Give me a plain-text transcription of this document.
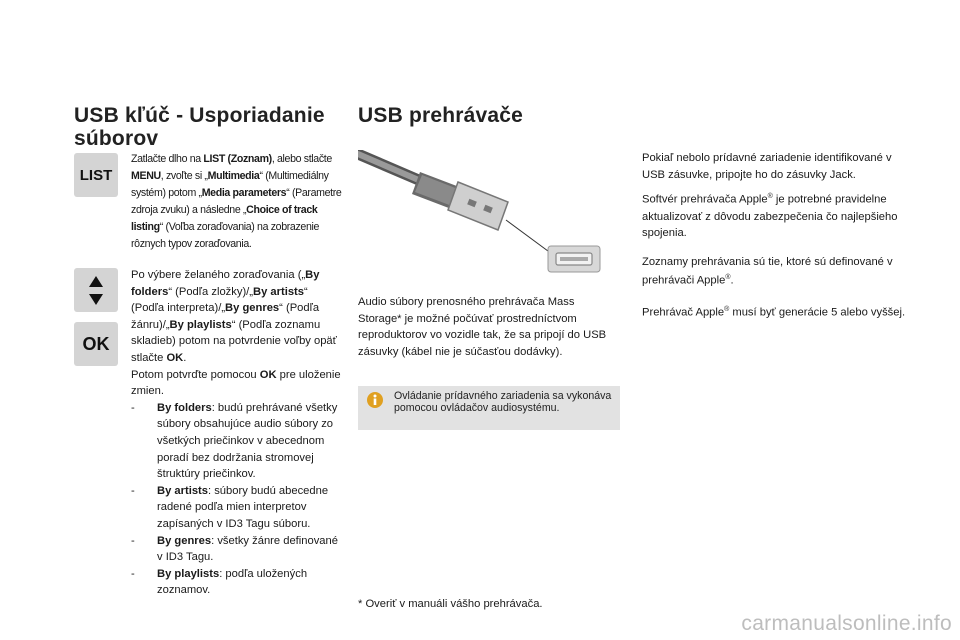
USB kľúč - Usporiadanie
súborov
LIST
Zatlačte dlho na LIST (Zoznam), alebo stlačte MENU, zvoľte si „Multimedia“ (Multimediálny systém) potom „Media parameters“ (Parametre zdroja zvuku) a následne „Choice of track listing“ (Voľba zoraďovania) na zobrazenie rôznych typov zoraďovania.
OK

Po výbere želaného zoraďovania („By folders“ (Podľa zložky)/„By artists“ (Podľa interpreta)/„By genres“ (Podľa žánru)/„By playlists“ (Podľa zoznamu skladieb) potom na potvrdenie voľby opäť stlačte OK.
Potom potvrďte pomocou OK pre uloženie zmien.

- By folders: budú prehrávané všetky súbory obsahujúce audio súbory zo všetkých priečinkov v abecednom poradí bez dodržania stromovej štruktúry priečinkov.
- By artists: súbory budú abecedne radené podľa mien interpretov zapísaných v ID3 Tagu súboru.
- By genres: všetky žánre definované v ID3 Tagu.
- By playlists: podľa uložených zoznamov.
USB prehrávače
Audio súbory prenosného prehrávača Mass Storage* je možné počúvať prostredníctvom reproduktorov vo vozidle tak, že sa pripojí do USB zásuvky (kábel nie je súčasťou dodávky).
Ovládanie prídavného zariadenia sa vykonáva pomocou ovládačov audiosystému.
* Overiť v manuáli vášho prehrávača.

Pokiaľ nebolo prídavné zariadenie identifikované v USB zásuvke, pripojte ho do zásuvky Jack.

Softvér prehrávača Apple® je potrebné pravidelne aktualizovať z dôvodu zabezpečenia čo najlepšieho spojenia.

Zoznamy prehrávania sú tie, ktoré sú definované v prehrávači Apple®.

Prehrávač Apple® musí byť generácie 5 alebo vyššej.

carmanualsonline.info
